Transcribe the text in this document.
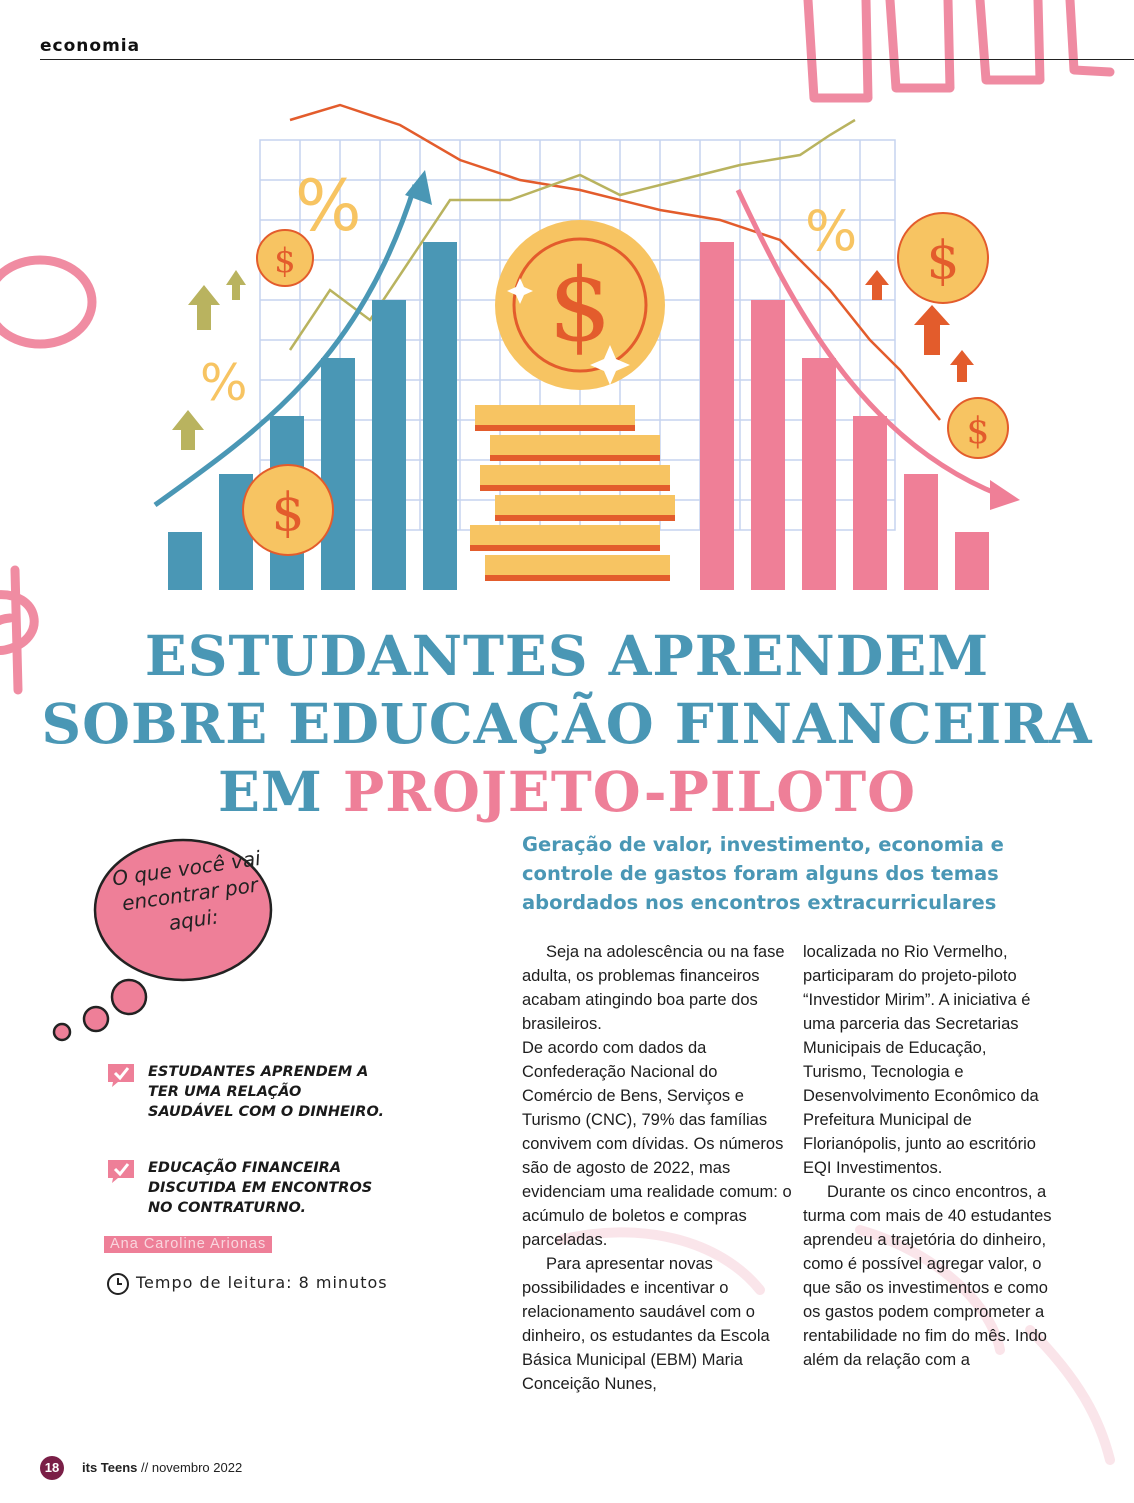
economia
$
$
$
$
$
%
%
%
ESTUDANTES APRENDEM
SOBRE EDUCAÇÃO FINANCEIRA
EM PROJETO-PILOTO
Geração de valor, investimento, economia e controle de gastos foram alguns dos temas abordados nos encontros extracurriculares
O que você vai encontrar por aqui:
ESTUDANTES APRENDEM A TER UMA RELAÇÃO SAUDÁVEL COM O DINHEIRO.
EDUCAÇÃO FINANCEIRA DISCUTIDA EM ENCONTROS NO CONTRATURNO.
Ana Caroline Arionas
Tempo de leitura: 8 minutos

Seja na adolescência ou na fase adulta, os problemas financeiros acabam atingindo boa parte dos brasileiros.

De acordo com dados da Confederação Nacional do Comércio de Bens, Serviços e Turismo (CNC), 79% das famílias convivem com dívidas. Os números são de agosto de 2022, mas evidenciam uma realidade comum: o acúmulo de boletos e compras parceladas.

Para apresentar novas possibilidades e incentivar o relacionamento saudável com o dinheiro, os estudantes da Escola Básica Municipal (EBM) Maria Conceição Nunes,

localizada no Rio Vermelho, participaram do projeto-piloto “Investidor Mirim”. A iniciativa é uma parceria das Secretarias Municipais de Educação, Turismo, Tecnologia e Desenvolvimento Econômico da Prefeitura Municipal de Florianópolis, junto ao escritório EQI Investimentos.

Durante os cinco encontros, a turma com mais de 40 estudantes aprendeu a trajetória do dinheiro, como é possível agregar valor, o que são os investimentos e como os gastos podem comprometer a rentabilidade no fim do mês. Indo além da relação com a

18	its Teens // novembro 2022
